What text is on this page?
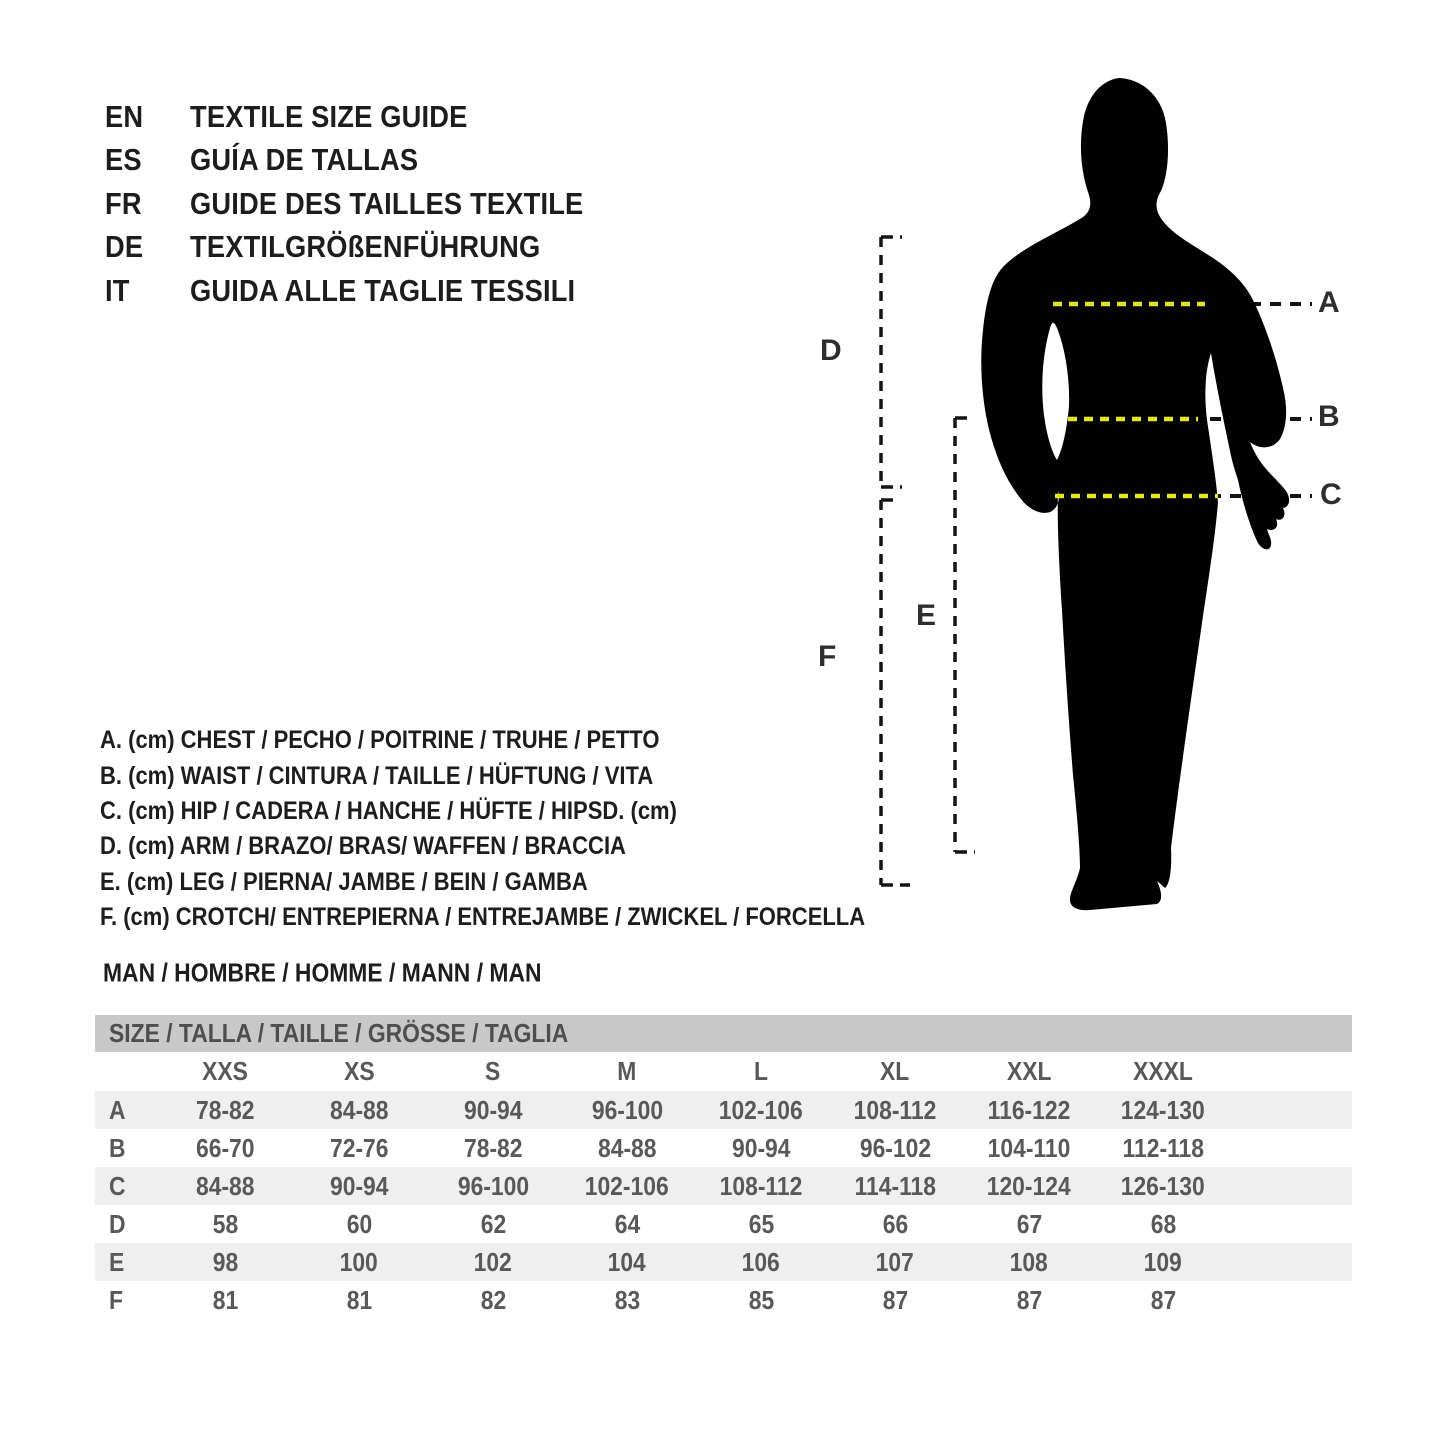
EN	TEXTILE SIZE GUIDE
ES	GUÍA DE TALLAS
FR	GUIDE DES TAILLES TEXTILE
DE	TEXTILGRÖßENFÜHRUNG
IT	GUIDA ALLE TAGLIE TESSILI	A
B
C
D
E
F
A. (cm) CHEST / PECHO / POITRINE / TRUHE / PETTO
B. (cm) WAIST / CINTURA / TAILLE / HÜFTUNG / VITA
C. (cm) HIP / CADERA / HANCHE / HÜFTE / HIPSD. (cm)
D. (cm) ARM / BRAZO/ BRAS/ WAFFEN / BRACCIA
E. (cm) LEG / PIERNA/ JAMBE / BEIN / GAMBA
F. (cm) CROTCH/ ENTREPIERNA / ENTREJAMBE / ZWICKEL / FORCELLA
MAN / HOMBRE / HOMME / MANN / MAN
SIZE / TALLA / TAILLE / GRÖSSE / TAGLIA
	XXS	XS	S	M	L	XL	XXL	XXXL	
A	78-82	84-88	90-94	96-100	102-106	108-112	116-122	124-130	
B	66-70	72-76	78-82	84-88	90-94	96-102	104-110	112-118	
C	84-88	90-94	96-100	102-106	108-112	114-118	120-124	126-130	
D	58	60	62	64	65	66	67	68	
E	98	100	102	104	106	107	108	109	
F	81	81	82	83	85	87	87	87	
